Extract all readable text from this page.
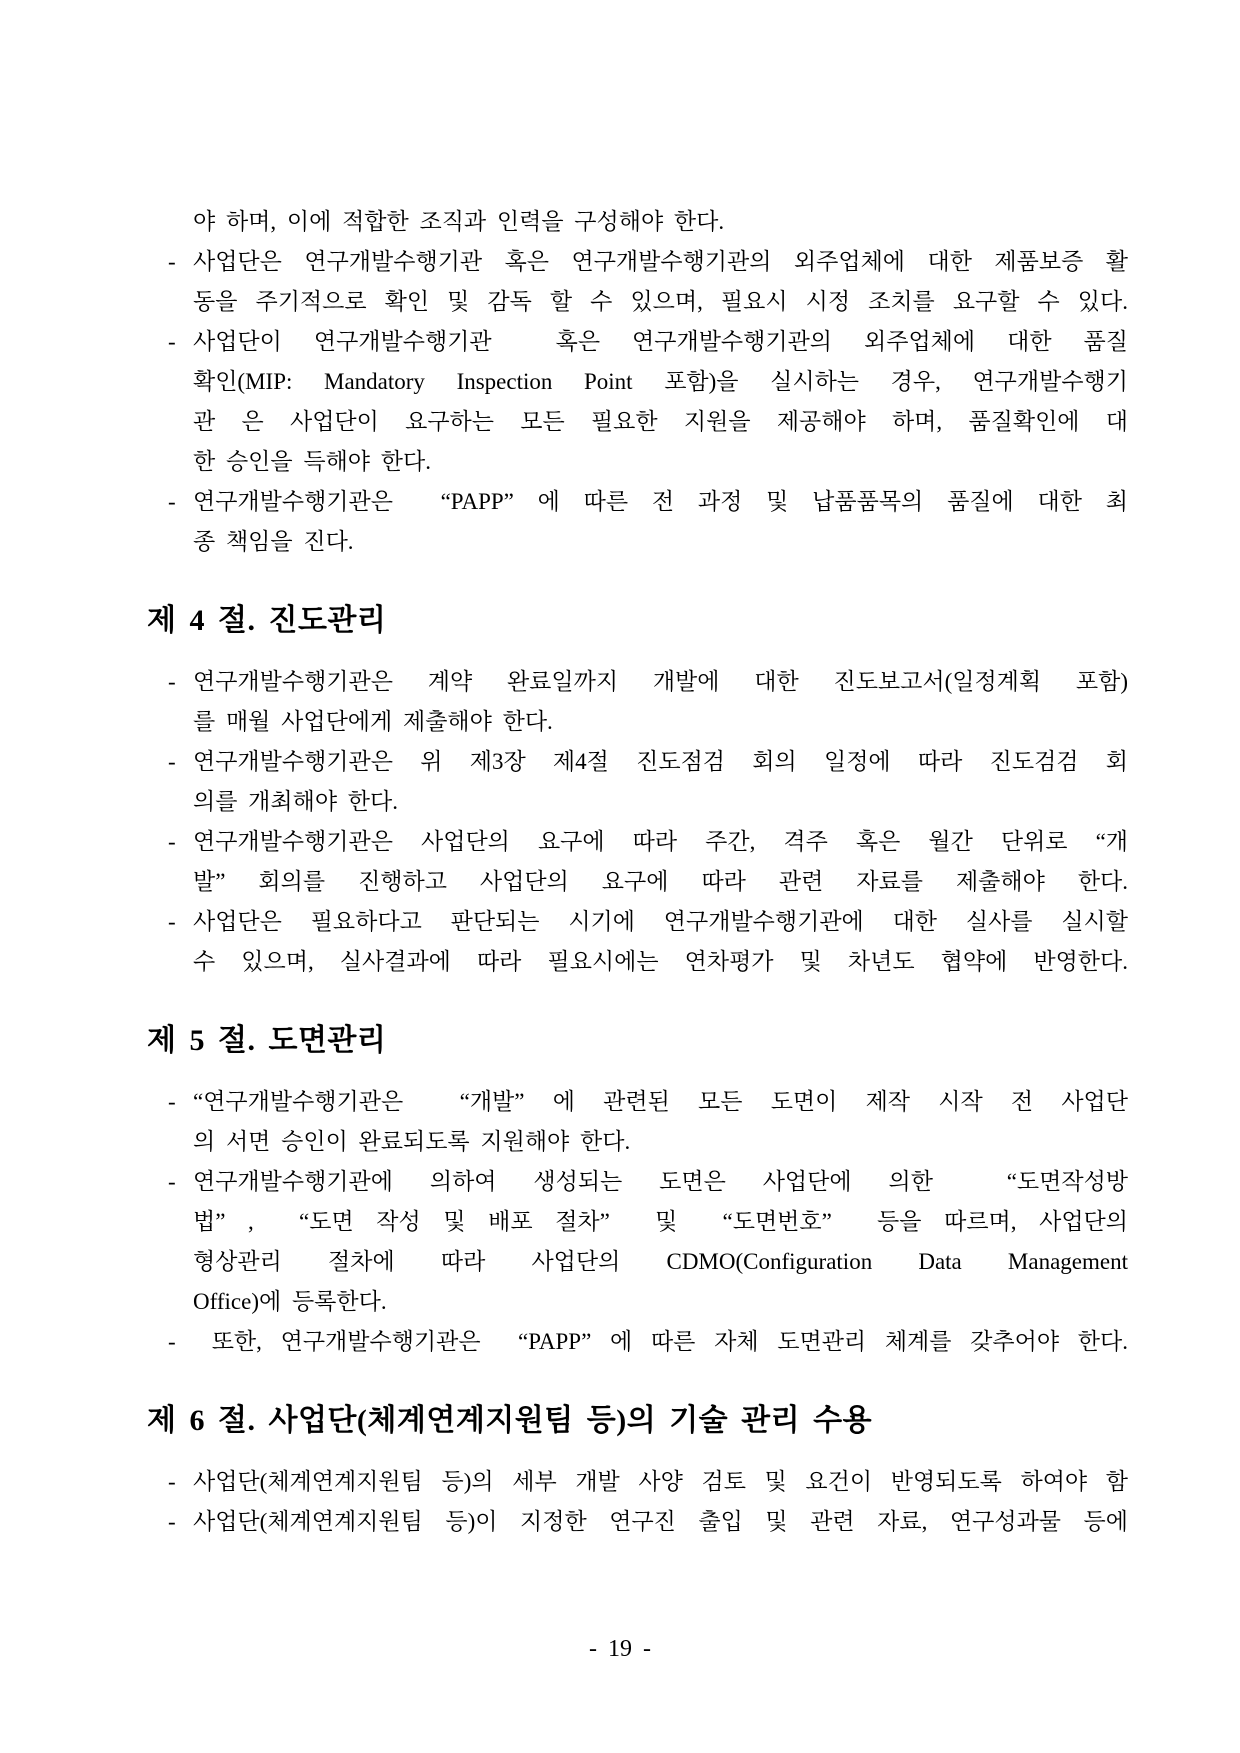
야 하며, 이에 적합한 조직과 인력을 구성해야 한다.
- 사업단은 연구개발수행기관 혹은 연구개발수행기관의 외주업체에 대한 제품보증 활
동을 주기적으로 확인 및 감독 할 수 있으며, 필요시 시정 조치를 요구할 수 있다.
- 사업단이 연구개발수행기관  혹은 연구개발수행기관의 외주업체에 대한 품질
확인(MIP: Mandatory Inspection Point 포함)을 실시하는 경우, 연구개발수행기
관 은 사업단이 요구하는 모든 필요한 지원을 제공해야 하며, 품질확인에 대
한 승인을 득해야 한다.
- 연구개발수행기관은  “PAPP” 에 따른 전 과정 및 납품품목의 품질에 대한 최
종 책임을 진다.
제 4 절. 진도관리
- 연구개발수행기관은 계약 완료일까지 개발에 대한 진도보고서(일정계획 포함)
를 매월 사업단에게 제출해야 한다.
- 연구개발수행기관은 위 제3장 제4절 진도점검 회의 일정에 따라 진도검검 회
의를 개최해야 한다.
- 연구개발수행기관은 사업단의 요구에 따라 주간, 격주 혹은 월간 단위로 “개
발” 회의를 진행하고 사업단의 요구에 따라 관련 자료를 제출해야 한다.
- 사업단은 필요하다고 판단되는 시기에 연구개발수행기관에 대한 실사를 실시할
수 있으며, 실사결과에 따라 필요시에는 연차평가 및 차년도 협약에 반영한다.
제 5 절. 도면관리
- “연구개발수행기관은  “개발” 에 관련된 모든 도면이 제작 시작 전 사업단
의 서면 승인이 완료되도록 지원해야 한다.
- 연구개발수행기관에 의하여 생성되는 도면은 사업단에 의한  “도면작성방
법” ,  “도면 작성 및 배포 절차”  및  “도면번호”  등을 따르며, 사업단의
형상관리 절차에 따라 사업단의 CDMO(Configuration Data Management
Office)에 등록한다.
- 또한, 연구개발수행기관은  “PAPP” 에 따른 자체 도면관리 체계를 갖추어야 한다.
제 6 절. 사업단(체계연계지원팀 등)의 기술 관리 수용
- 사업단(체계연계지원팀 등)의 세부 개발 사양 검토 및 요건이 반영되도록 하여야 함
- 사업단(체계연계지원팀 등)이 지정한 연구진 출입 및 관련 자료, 연구성과물 등에
- 19 -
